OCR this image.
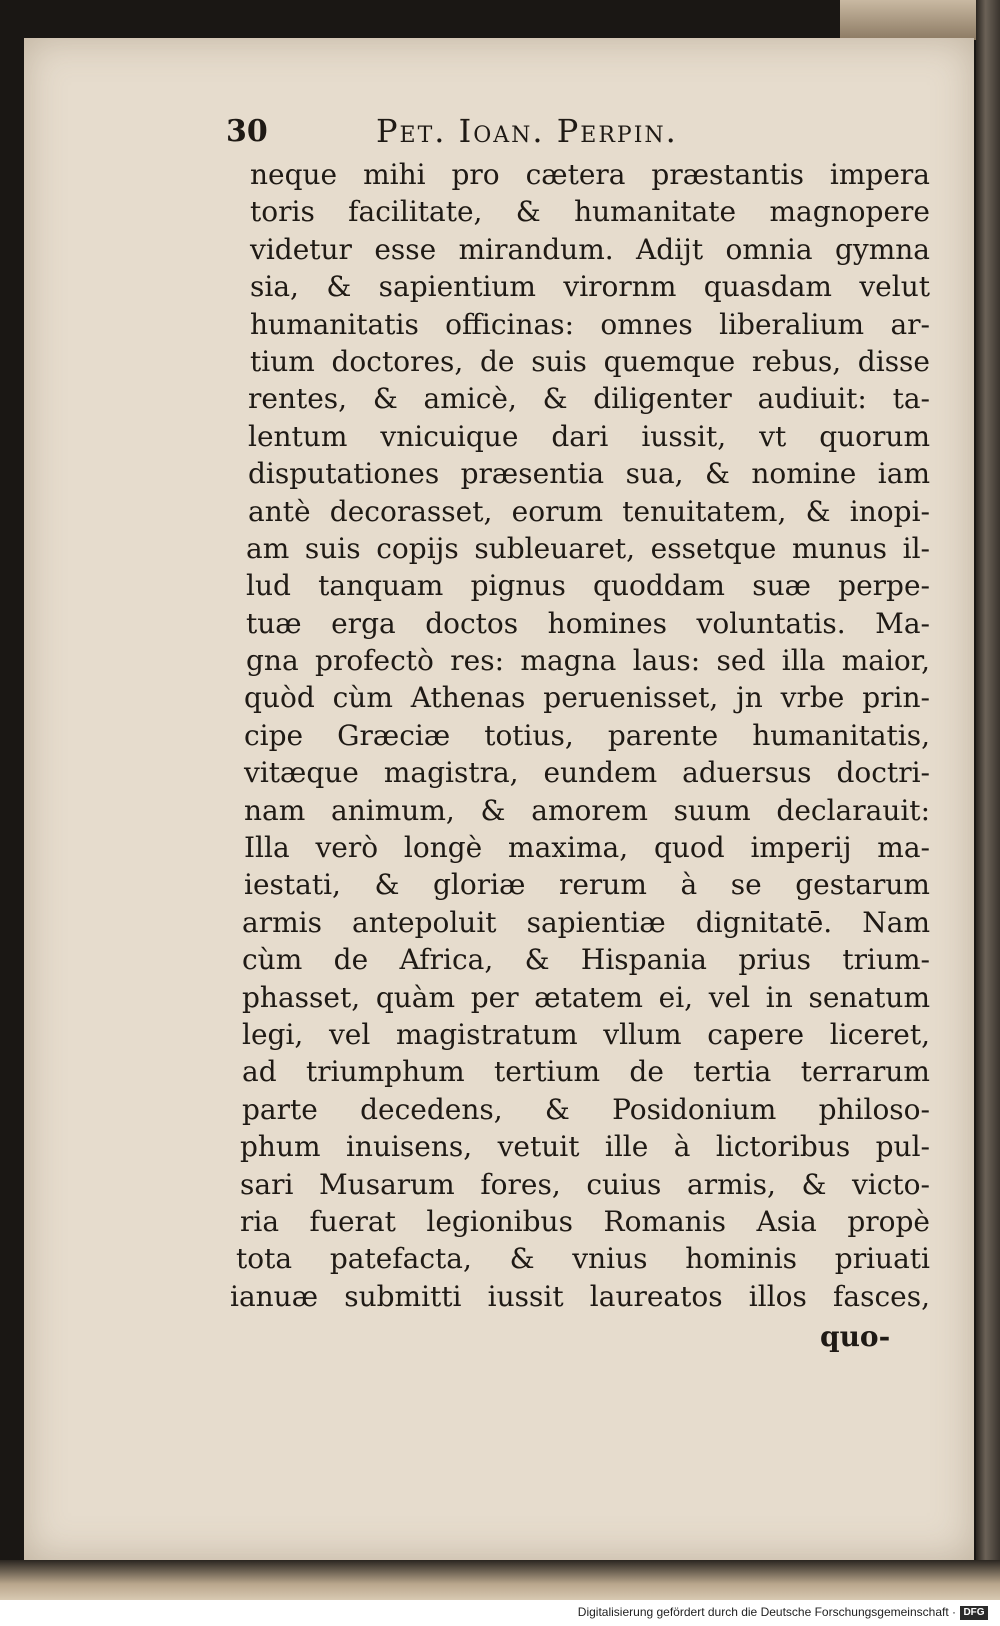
30	Pet. Ioan. Perpin.
neque mihi pro cætera præstantis impera
toris facilitate, & humanitate magnopere
videtur esse mirandum. Adijt omnia gymna
sia, & sapientium virornm quasdam velut
humanitatis officinas: omnes liberalium ar-
tium doctores, de suis quemque rebus, disse
rentes, & amicè, & diligenter audiuit: ta-
lentum vnicuique dari iussit, vt quorum
disputationes præsentia sua, & nomine iam
antè decorasset, eorum tenuitatem, & inopi-
am suis copijs subleuaret, essetque munus il-
lud tanquam pignus quoddam suæ perpe-
tuæ erga doctos homines voluntatis. Ma-
gna profectò res: magna laus: sed illa maior,
quòd cùm Athenas peruenisset, jn vrbe prin-
cipe Græciæ totius, parente humanitatis,
vitæque magistra, eundem aduersus doctri-
nam animum, & amorem suum declarauit:
Illa verò longè maxima, quod imperij ma-
iestati, & gloriæ rerum à se gestarum
armis antepoluit sapientiæ dignitatē. Nam
cùm de Africa, & Hispania prius trium-
phasset, quàm per ætatem ei, vel in senatum
legi, vel magistratum vllum capere liceret,
ad triumphum tertium de tertia terrarum
parte decedens, & Posidonium philoso-
phum inuisens, vetuit ille à lictoribus pul-
sari Musarum fores, cuius armis, & victo-
ria fuerat legionibus Romanis Asia propè
tota patefacta, & vnius hominis priuati
ianuæ submitti iussit laureatos illos fasces,
quo-
Digitalisierung gefördert durch die Deutsche Forschungsgemeinschaft · DFG
